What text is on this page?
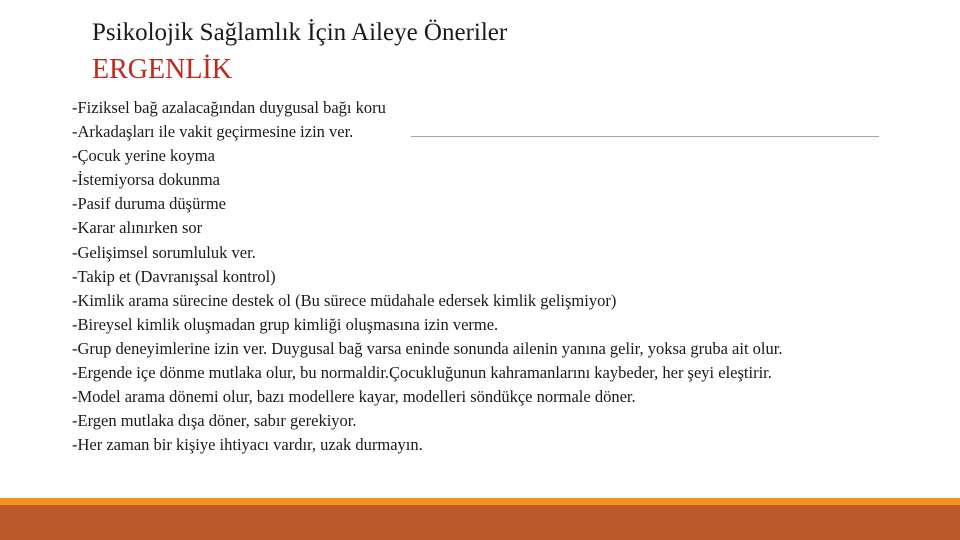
Psikolojik Sağlamlık İçin Aileye Öneriler
ERGENLİK
-Fiziksel bağ azalacağından duygusal bağı koru
-Arkadaşları ile vakit geçirmesine izin ver.
-Çocuk yerine koyma
-İstemiyorsa dokunma
-Pasif duruma düşürme
-Karar alınırken sor
-Gelişimsel sorumluluk ver.
-Takip et (Davranışsal kontrol)
-Kimlik arama sürecine destek ol (Bu sürece müdahale edersek kimlik gelişmiyor)
-Bireysel kimlik oluşmadan grup kimliği oluşmasına izin verme.
-Grup deneyimlerine izin ver. Duygusal bağ varsa eninde sonunda ailenin yanına gelir, yoksa gruba ait olur.
-Ergende içe dönme mutlaka olur, bu normaldir.Çocukluğunun kahramanlarını kaybeder, her şeyi eleştirir.
-Model arama dönemi olur, bazı modellere kayar, modelleri söndükçe normale döner.
-Ergen mutlaka dışa döner, sabır gerekiyor.
-Her zaman bir kişiye ihtiyacı vardır, uzak durmayın.
